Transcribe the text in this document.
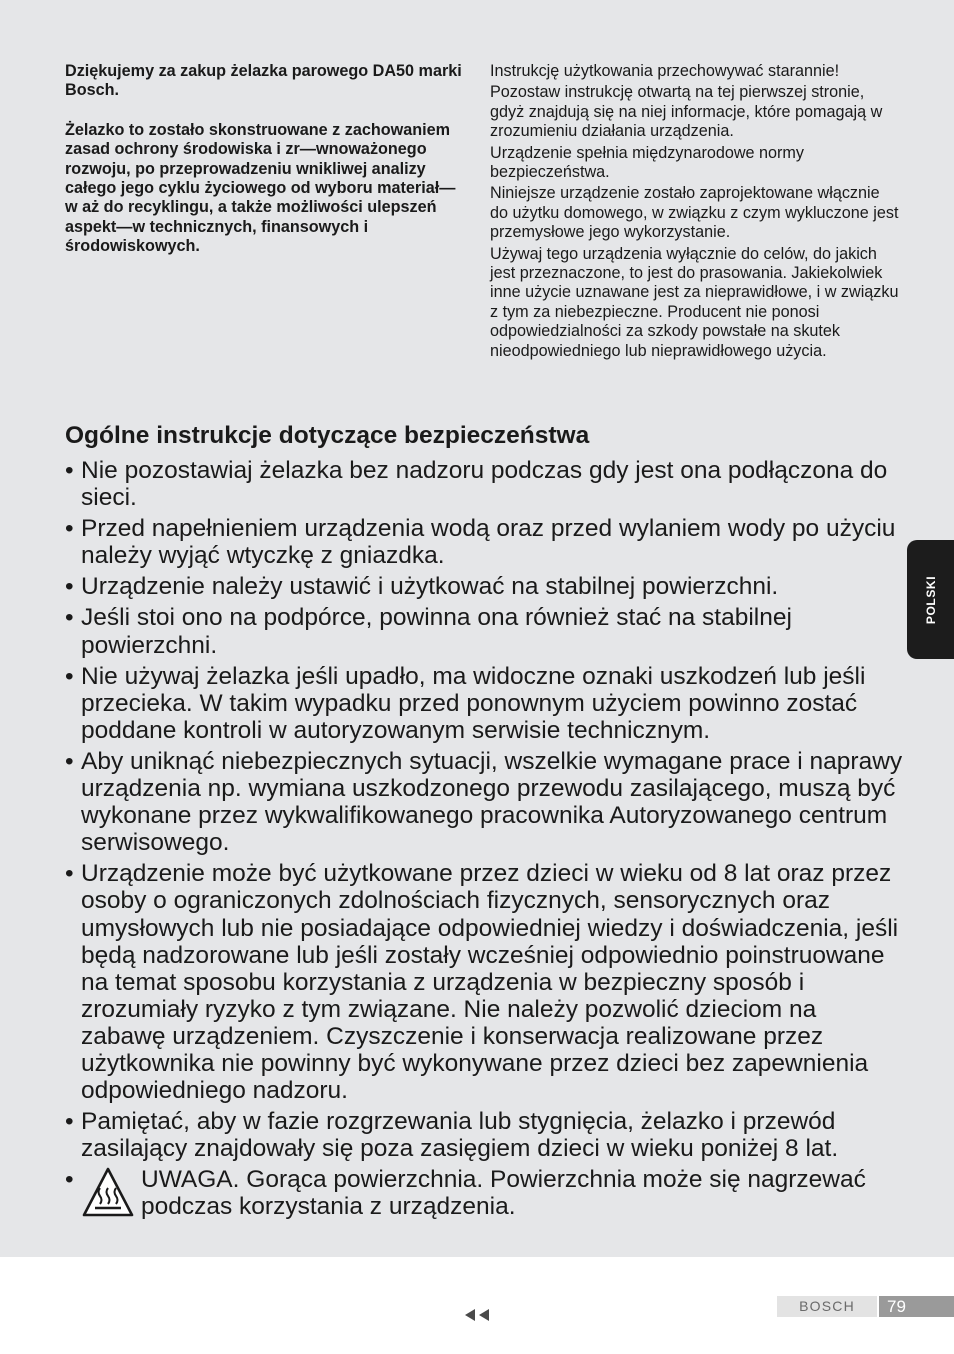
Dziękujemy za zakup żelazka parowego DA50 marki Bosch.

Żelazko to zostało skonstruowane z zachowaniem zasad ochrony środowiska i zr—wnoważonego rozwoju, po przeprowadzeniu wnikliwej analizy całego jego cyklu życiowego od wyboru materiał—w aż do recyklingu, a także możliwości ulepszeń aspekt—w technicznych, finansowych i środowiskowych.

Instrukcję użytkowania przechowywać starannie!

Pozostaw instrukcję otwartą na tej pierwszej stronie, gdyż znajdują się na niej informacje, które pomagają w zrozumieniu działania urządzenia.

Urządzenie spełnia międzynarodowe normy bezpieczeństwa.

Niniejsze urządzenie zostało zaprojektowane włącznie do użytku domowego, w związku z czym wykluczone jest przemysłowe jego wykorzystanie.

Używaj tego urządzenia wyłącznie do celów, do jakich jest przeznaczone, to jest do prasowania. Jakiekolwiek inne użycie uznawane jest za nieprawidłowe, i w związku z tym za niebezpieczne. Producent nie ponosi odpowiedzialności za szkody powstałe na skutek nieodpowiedniego lub nieprawidłowego użycia.

Ogólne instrukcje dotyczące bezpieczeństwa
• Nie pozostawiaj żelazka bez nadzoru podczas gdy jest ona podłączona do sieci.
• Przed napełnieniem urządzenia wodą oraz przed wylaniem wody po użyciu należy wyjąć wtyczkę z gniazdka.
• Urządzenie należy ustawić i użytkować na stabilnej powierzchni.
• Jeśli stoi ono na podpórce, powinna ona również stać na stabilnej powierzchni.
• Nie używaj żelazka jeśli upadło, ma widoczne oznaki uszkodzeń lub jeśli przecieka. W takim wypadku przed ponownym użyciem powinno zostać poddane kontroli w autoryzowanym serwisie technicznym.
• Aby uniknąć niebezpiecznych sytuacji, wszelkie wymagane prace i naprawy urządzenia np. wymiana uszkodzonego przewodu zasilającego, muszą być wykonane przez wykwalifikowanego pracownika Autoryzowanego centrum serwisowego.
• Urządzenie może być użytkowane przez dzieci w wieku od 8 lat oraz przez osoby o ograniczonych zdolnościach fizycznych, sensorycznych oraz umysłowych lub nie posiadające odpowiedniej wiedzy i doświadczenia, jeśli będą nadzorowane lub jeśli zostały wcześniej odpowiednio poinstruowane na temat sposobu korzystania z urządzenia w bezpieczny sposób i zrozumiały ryzyko z tym związane. Nie należy pozwolić dzieciom na zabawę urządzeniem. Czyszczenie i konserwacja realizowane przez użytkownika nie powinny być wykonywane przez dzieci bez zapewnienia odpowiedniego nadzoru.
• Pamiętać, aby w fazie rozgrzewania lub stygnięcia, żelazko i przewód zasilający znajdowały się poza zasięgiem dzieci w wieku poniżej 8 lat.
•	UWAGA. Gorąca powierzchnia. Powierzchnia może się nagrzewać podczas korzystania z urządzenia.
POLSKI
BOSCH	79
